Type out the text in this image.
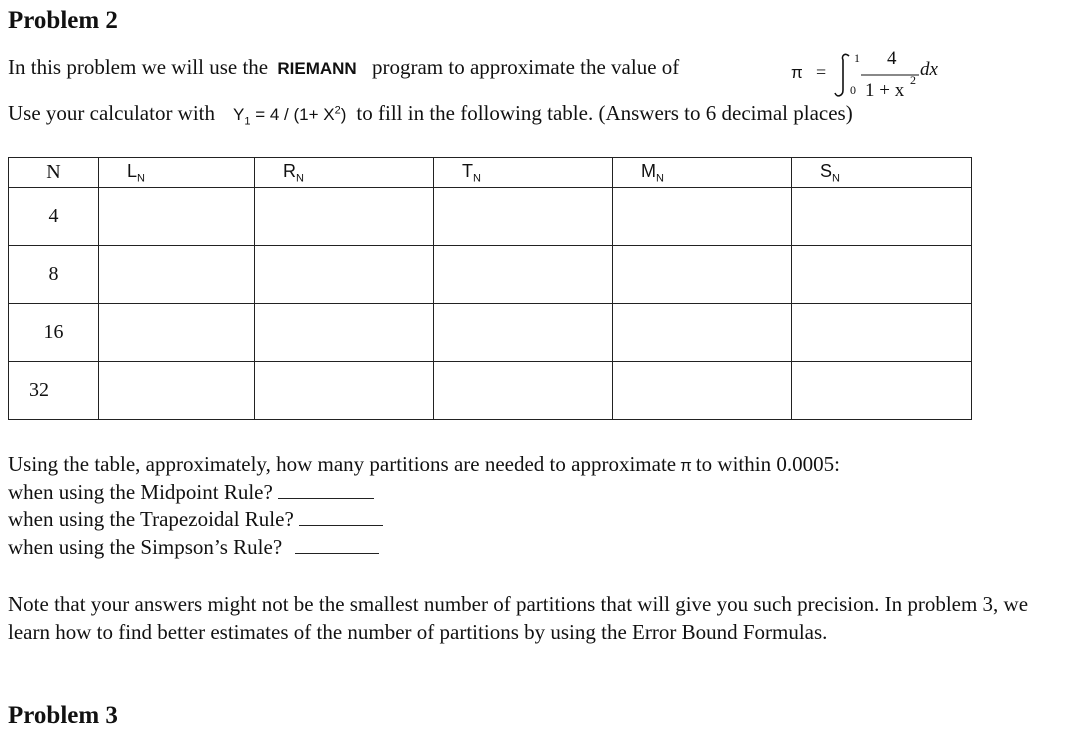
Problem 2
In this problem we will use the RIEMANN program to approximate the value of	π =
1
0
4
1 + x 2 dx
Use your calculator with $Y_1 = 4 / (1+ X^2)$ to fill in the following table. (Answers to 6 decimal places)
N	$L_N$	$R_N$	$T_N$	$M_N$	$S_N$
4					
8					
16					
32					
Using the table, approximately, how many partitions are needed to approximate π to within 0.0005:
when using the Midpoint Rule?
when using the Trapezoidal Rule?
when using the Simpson’s Rule?
Note that your answers might not be the smallest number of partitions that will give you such precision. In problem 3, we learn how to find better estimates of the number of partitions by using the Error Bound Formulas.
Problem 3
